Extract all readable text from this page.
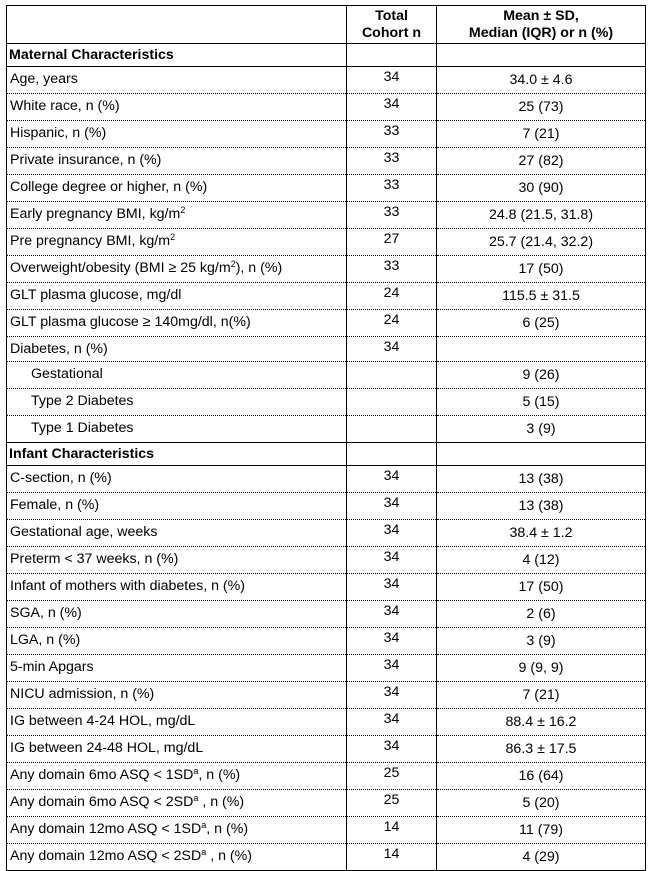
	Total
Cohort n	Mean ± SD,
Median (IQR) or n (%)
Maternal Characteristics		
Age, years	34	34.0 ± 4.6
White race, n (%)	34	25 (73)
Hispanic, n (%)	33	7 (21)
Private insurance, n (%)	33	27 (82)
College degree or higher, n (%)	33	30 (90)
Early pregnancy BMI, $kg/m^2$	33	24.8 (21.5, 31.8)
Pre pregnancy BMI, $kg/m^2$	27	25.7 (21.4, 32.2)
Overweight/obesity (BMI ≥ 25 $kg/m^2$), n (%)	33	17 (50)
GLT plasma glucose, mg/dl	24	115.5 ± 31.5
GLT plasma glucose ≥ 140mg/dl, n(%)	24	6 (25)
Diabetes, n (%)	34	
Gestational		9 (26)
Type 2 Diabetes		5 (15)
Type 1 Diabetes		3 (9)
Infant Characteristics		
C-section, n (%)	34	13 (38)
Female, n (%)	34	13 (38)
Gestational age, weeks	34	38.4 ± 1.2
Preterm < 37 weeks, n (%)	34	4 (12)
Infant of mothers with diabetes, n (%)	34	17 (50)
SGA, n (%)	34	2 (6)
LGA, n (%)	34	3 (9)
5-min Apgars	34	9 (9, 9)
NICU admission, n (%)	34	7 (21)
IG between 4-24 HOL, mg/dL	34	88.4 ± 16.2
IG between 24-48 HOL, mg/dL	34	86.3 ± 17.5
Any domain 6mo ASQ < $1SD^a$, n (%)	25	16 (64)
Any domain 6mo ASQ < $2SD^a$ , n (%)	25	5 (20)
Any domain 12mo ASQ < $1SD^a$, n (%)	14	11 (79)
Any domain 12mo ASQ < $2SD^a$ , n (%)	14	4 (29)
